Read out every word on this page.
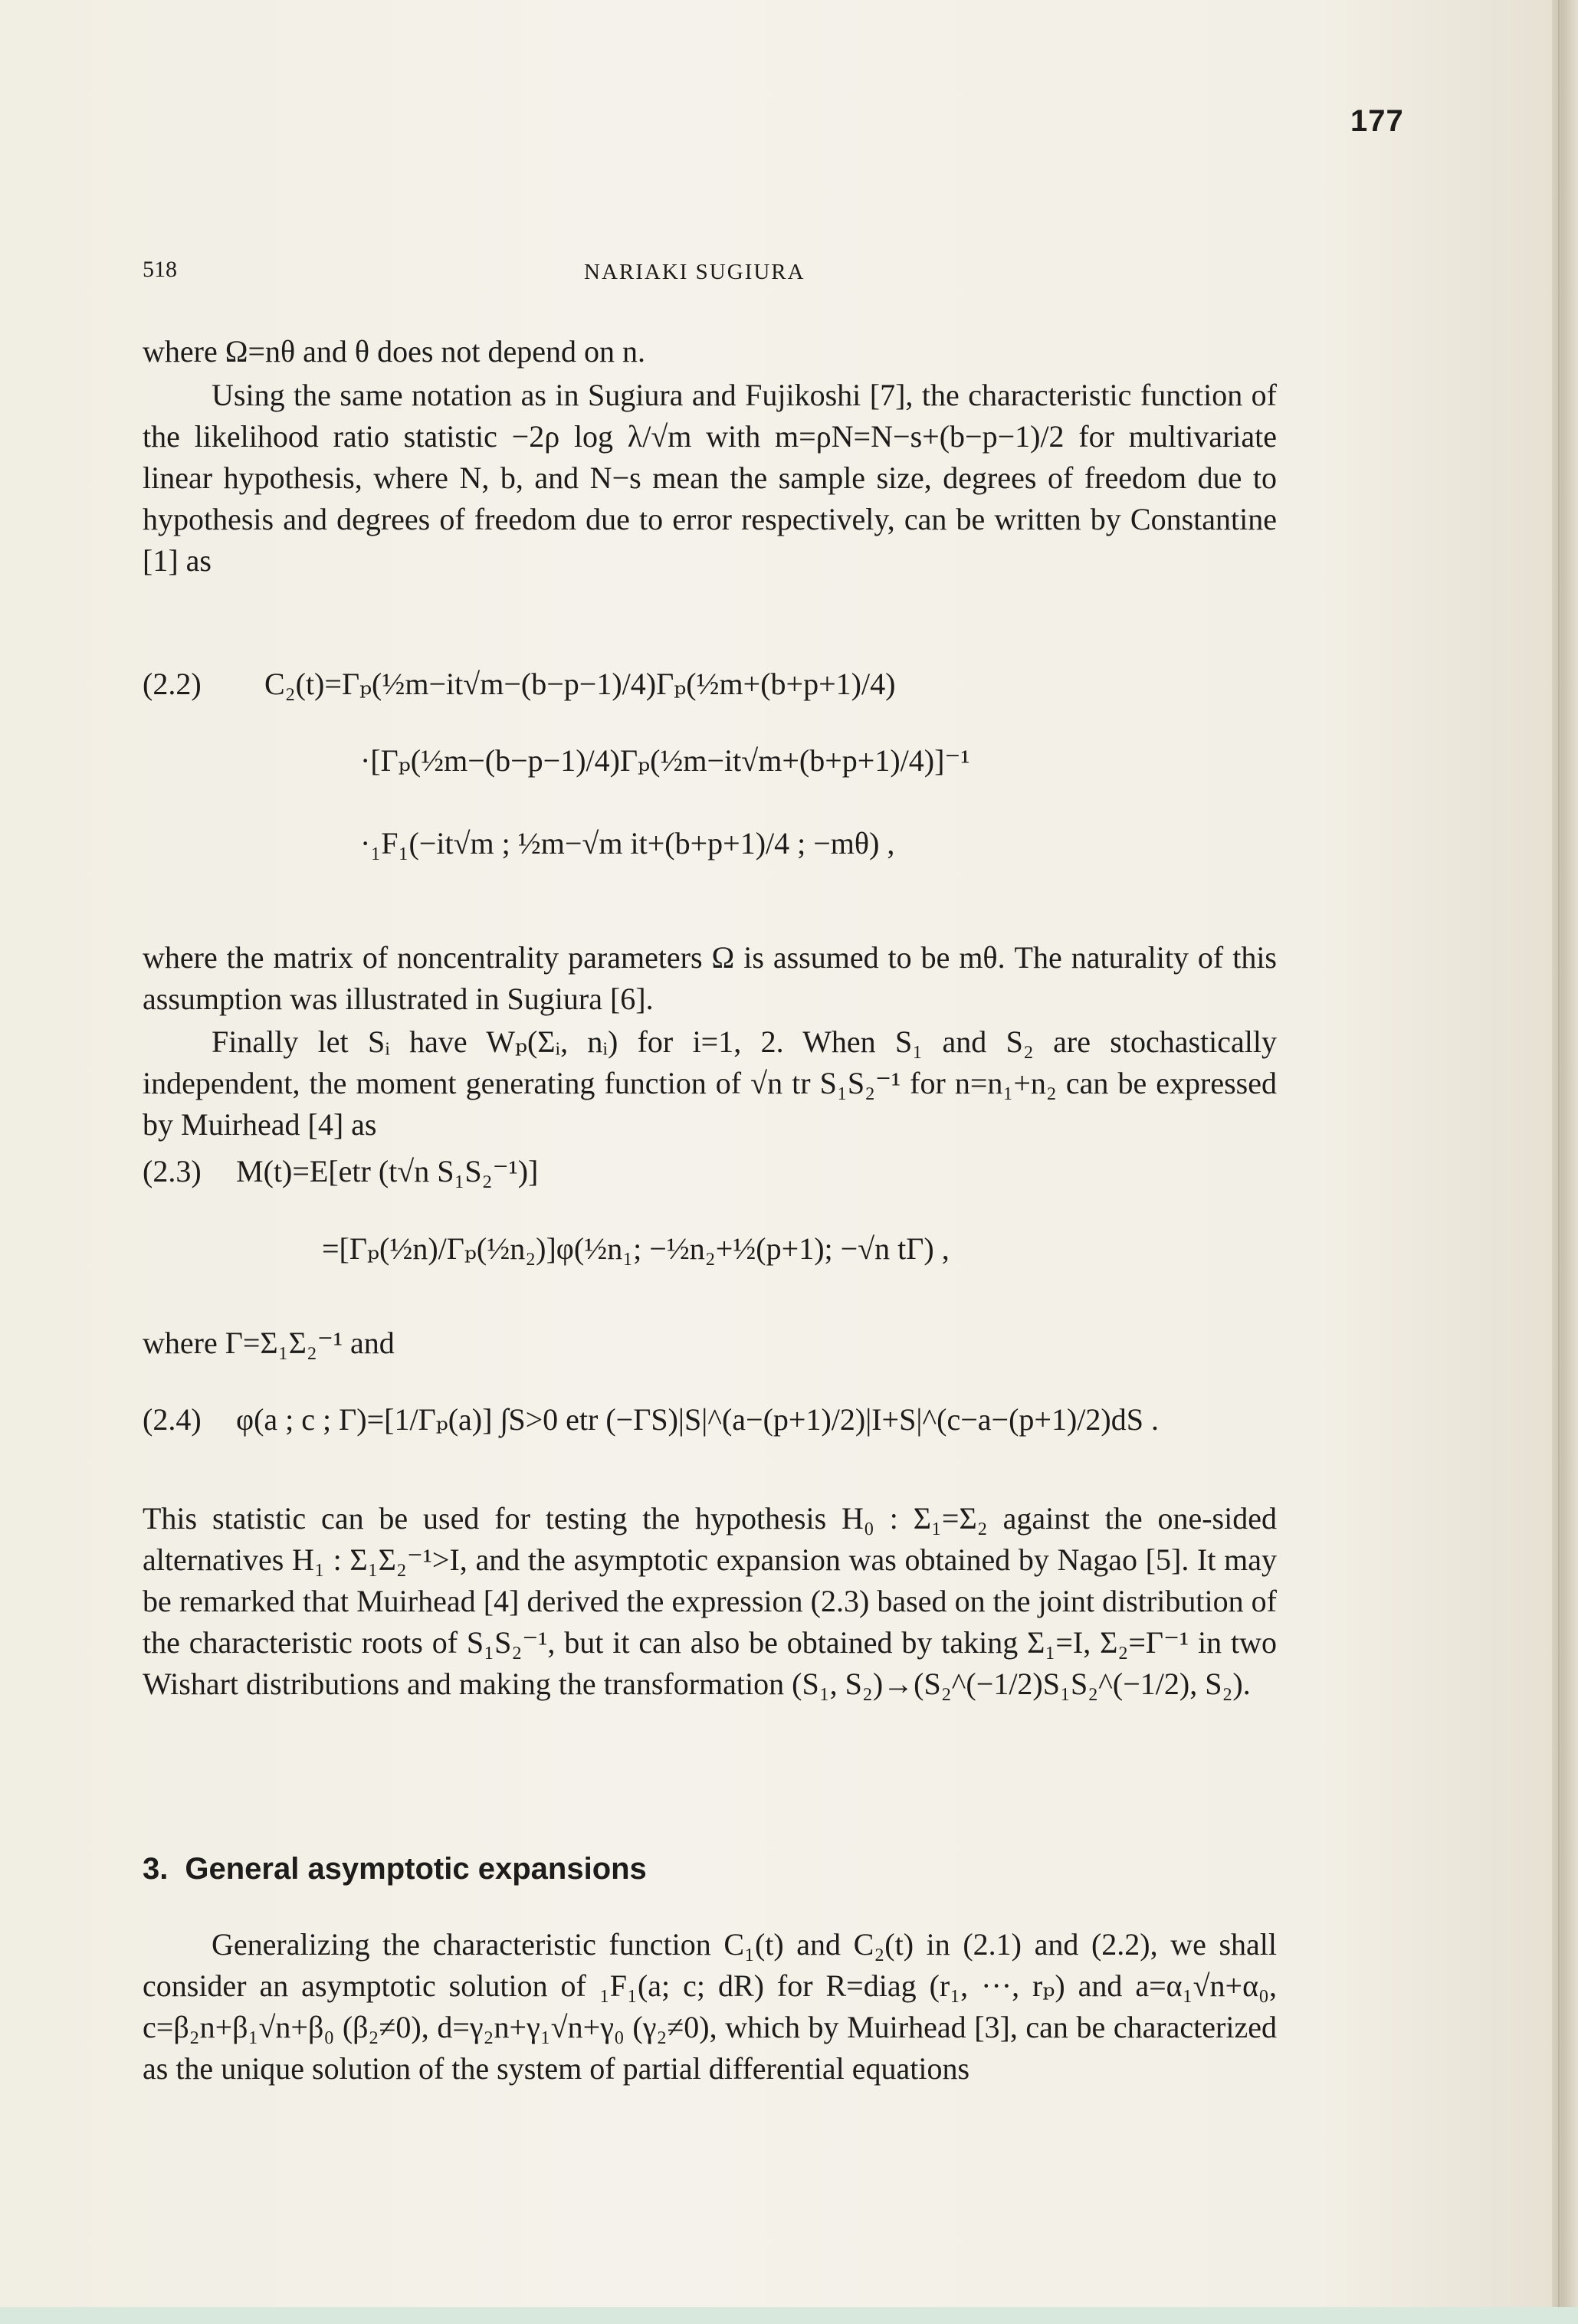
177
518	NARIAKI SUGIURA
where Ω=nθ and θ does not depend on n.
Using the same notation as in Sugiura and Fujikoshi [7], the characteristic function of the likelihood ratio statistic −2ρ log λ/√m with m=ρN=N−s+(b−p−1)/2 for multivariate linear hypothesis, where N, b, and N−s mean the sample size, degrees of freedom due to hypothesis and degrees of freedom due to error respectively, can be written by Constantine [1] as
(2.2) C₂(t)=Γₚ(½m−it√m−(b−p−1)/4)Γₚ(½m+(b+p+1)/4)
·[Γₚ(½m−(b−p−1)/4)Γₚ(½m−it√m+(b+p+1)/4)]⁻¹
·₁F₁(−it√m ; ½m−√m it+(b+p+1)/4 ; −mθ) ,
where the matrix of noncentrality parameters Ω is assumed to be mθ. The naturality of this assumption was illustrated in Sugiura [6].
Finally let Sᵢ have Wₚ(Σᵢ, nᵢ) for i=1, 2. When S₁ and S₂ are stochastically independent, the moment generating function of √n tr S₁S₂⁻¹ for n=n₁+n₂ can be expressed by Muirhead [4] as
(2.3) M(t)=E[etr (t√n S₁S₂⁻¹)]
=[Γₚ(½n)/Γₚ(½n₂)]φ(½n₁; −½n₂+½(p+1); −√n tΓ) ,
where Γ=Σ₁Σ₂⁻¹ and
(2.4) φ(a ; c ; Γ)=[1/Γₚ(a)] ∫S>0 etr (−ΓS)|S|^(a−(p+1)/2)|I+S|^(c−a−(p+1)/2)dS .
This statistic can be used for testing the hypothesis H₀ : Σ₁=Σ₂ against the one-sided alternatives H₁ : Σ₁Σ₂⁻¹>I, and the asymptotic expansion was obtained by Nagao [5]. It may be remarked that Muirhead [4] derived the expression (2.3) based on the joint distribution of the characteristic roots of S₁S₂⁻¹, but it can also be obtained by taking Σ₁=I, Σ₂=Γ⁻¹ in two Wishart distributions and making the transformation (S₁, S₂)→(S₂^(−1/2)S₁S₂^(−1/2), S₂).
3. General asymptotic expansions
Generalizing the characteristic function C₁(t) and C₂(t) in (2.1) and (2.2), we shall consider an asymptotic solution of ₁F₁(a; c; dR) for R=diag (r₁, ···, rₚ) and a=α₁√n+α₀, c=β₂n+β₁√n+β₀ (β₂≠0), d=γ₂n+γ₁√n+γ₀ (γ₂≠0), which by Muirhead [3], can be characterized as the unique solution of the system of partial differential equations
